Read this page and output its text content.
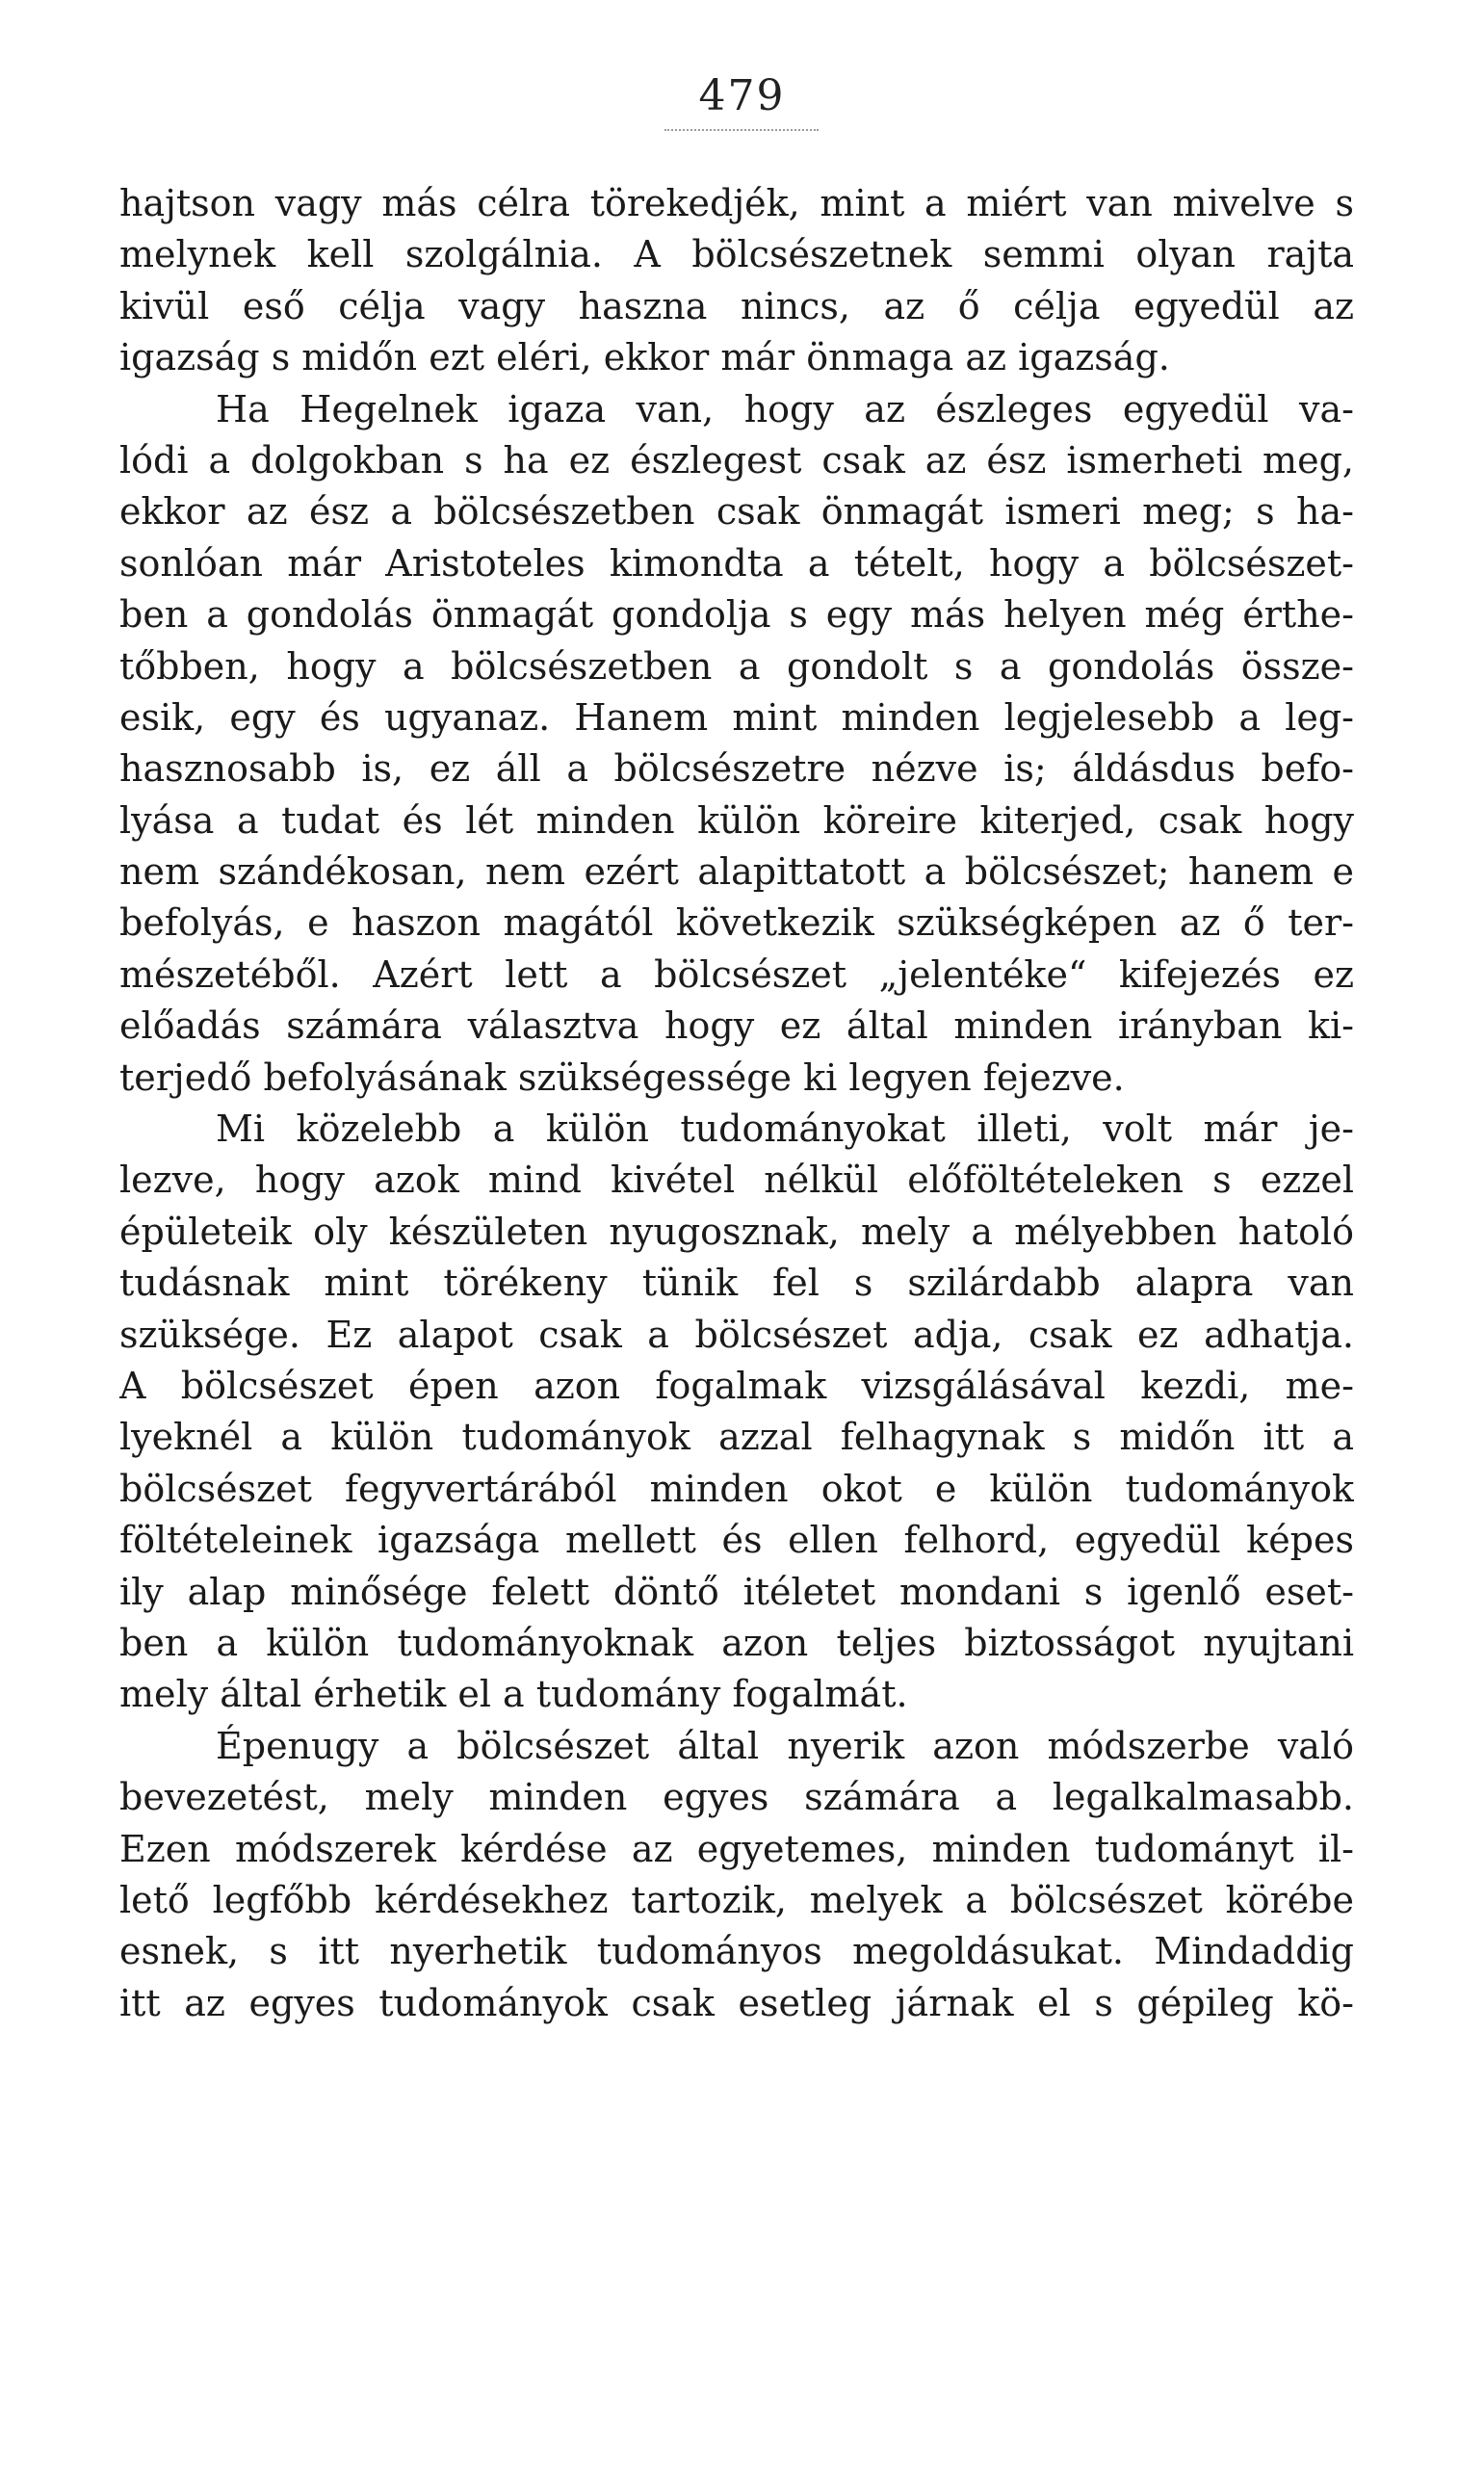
479
hajtson vagy más célra törekedjék, mint a miért van mivelve s
melynek kell szolgálnia. A bölcsészetnek semmi olyan rajta
kivül eső célja vagy haszna nincs, az ő célja egyedül az
igazság s midőn ezt eléri, ekkor már önmaga az igazság.
Ha Hegelnek igaza van, hogy az észleges egyedül va-
lódi a dolgokban s ha ez észlegest csak az ész ismerheti meg,
ekkor az ész a bölcsészetben csak önmagát ismeri meg; s ha-
sonlóan már Aristoteles kimondta a tételt, hogy a bölcsészet-
ben a gondolás önmagát gondolja s egy más helyen még érthe-
tőbben, hogy a bölcsészetben a gondolt s a gondolás össze-
esik, egy és ugyanaz. Hanem mint minden legjelesebb a leg-
hasznosabb is, ez áll a bölcsészetre nézve is; áldásdus befo-
lyása a tudat és lét minden külön köreire kiterjed, csak hogy
nem szándékosan, nem ezért alapittatott a bölcsészet; hanem e
befolyás, e haszon magától következik szükségképen az ő ter-
mészetéből. Azért lett a bölcsészet „jelentéke“ kifejezés ez
előadás számára választva hogy ez által minden irányban ki-
terjedő befolyásának szükségessége ki legyen fejezve.
Mi közelebb a külön tudományokat illeti, volt már je-
lezve, hogy azok mind kivétel nélkül előföltételeken s ezzel
épületeik oly készületen nyugosznak, mely a mélyebben hatoló
tudásnak mint törékeny tünik fel s szilárdabb alapra van
szüksége. Ez alapot csak a bölcsészet adja, csak ez adhatja.
A bölcsészet épen azon fogalmak vizsgálásával kezdi, me-
lyeknél a külön tudományok azzal felhagynak s midőn itt a
bölcsészet fegyvertárából minden okot e külön tudományok
föltételeinek igazsága mellett és ellen felhord, egyedül képes
ily alap minősége felett döntő itéletet mondani s igenlő eset-
ben a külön tudományoknak azon teljes biztosságot nyujtani
mely által érhetik el a tudomány fogalmát.
Épenugy a bölcsészet által nyerik azon módszerbe való
bevezetést, mely minden egyes számára a legalkalmasabb.
Ezen módszerek kérdése az egyetemes, minden tudományt il-
lető legfőbb kérdésekhez tartozik, melyek a bölcsészet körébe
esnek, s itt nyerhetik tudományos megoldásukat. Mindaddig
itt az egyes tudományok csak esetleg járnak el s gépileg kö-
